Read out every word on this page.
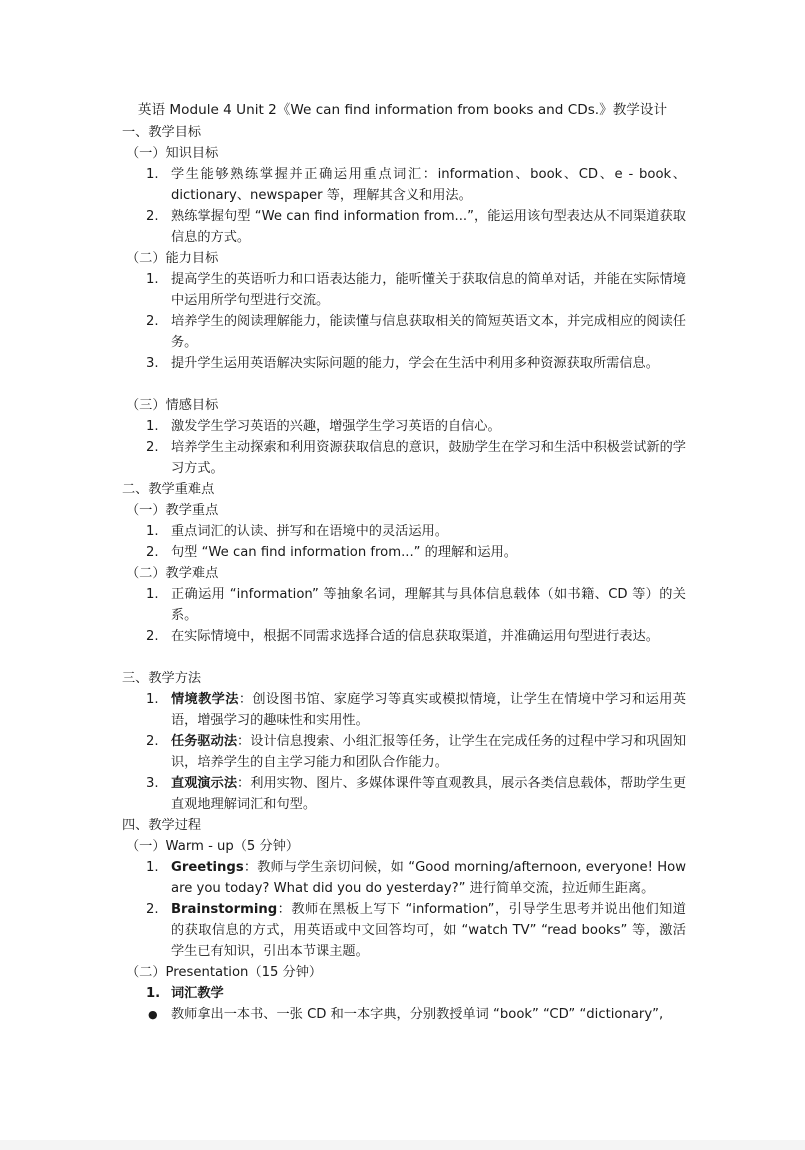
英语 Module 4 Unit 2《We can find information from books and CDs.》教学设计
一、教学目标
（一）知识目标
1. 学生能够熟练掌握并正确运用重点词汇：information、book、CD、e - book、dictionary、newspaper 等，理解其含义和用法。
2. 熟练掌握句型 “We can find information from...”，能运用该句型表达从不同渠道获取信息的方式。
（二）能力目标
1. 提高学生的英语听力和口语表达能力，能听懂关于获取信息的简单对话，并能在实际情境中运用所学句型进行交流。
2. 培养学生的阅读理解能力，能读懂与信息获取相关的简短英语文本，并完成相应的阅读任务。
3. 提升学生运用英语解决实际问题的能力，学会在生活中利用多种资源获取所需信息。
（三）情感目标
1. 激发学生学习英语的兴趣，增强学生学习英语的自信心。
2. 培养学生主动探索和利用资源获取信息的意识，鼓励学生在学习和生活中积极尝试新的学习方式。
二、教学重难点
（一）教学重点
1. 重点词汇的认读、拼写和在语境中的灵活运用。
2. 句型 “We can find information from...” 的理解和运用。
（二）教学难点
1. 正确运用 “information” 等抽象名词，理解其与具体信息载体（如书籍、CD 等）的关系。
2. 在实际情境中，根据不同需求选择合适的信息获取渠道，并准确运用句型进行表达。
三、教学方法
1. 情境教学法：创设图书馆、家庭学习等真实或模拟情境，让学生在情境中学习和运用英语，增强学习的趣味性和实用性。
2. 任务驱动法：设计信息搜索、小组汇报等任务，让学生在完成任务的过程中学习和巩固知识，培养学生的自主学习能力和团队合作能力。
3. 直观演示法：利用实物、图片、多媒体课件等直观教具，展示各类信息载体，帮助学生更直观地理解词汇和句型。
四、教学过程
（一）Warm - up（5 分钟）
1. Greetings：教师与学生亲切问候，如 “Good morning/afternoon, everyone! How are you today? What did you do yesterday?” 进行简单交流，拉近师生距离。
2. Brainstorming：教师在黑板上写下 “information”，引导学生思考并说出他们知道的获取信息的方式，用英语或中文回答均可，如 “watch TV” “read books” 等，激活学生已有知识，引出本节课主题。
（二）Presentation（15 分钟）
1. 词汇教学
● 教师拿出一本书、一张 CD 和一本字典，分别教授单词 “book” “CD” “dictionary”,
